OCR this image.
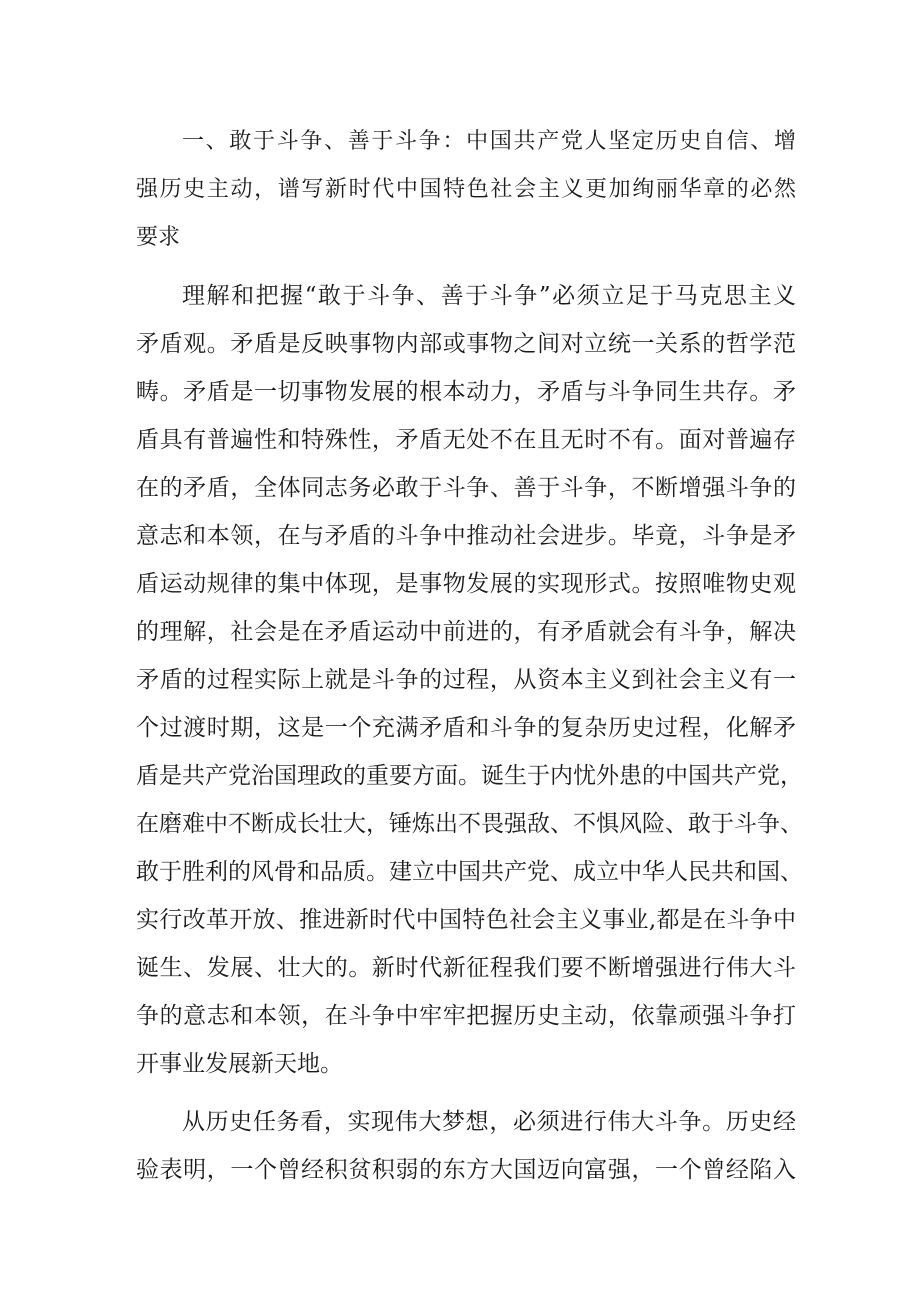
一、敢于斗争、善于斗争：中国共产党人坚定历史自信、增
强历史主动，谱写新时代中国特色社会主义更加绚丽华章的必然
要求
理解和把握“敢于斗争、善于斗争”必须立足于马克思主义
矛盾观。矛盾是反映事物内部或事物之间对立统一关系的哲学范
畴。矛盾是一切事物发展的根本动力，矛盾与斗争同生共存。矛
盾具有普遍性和特殊性，矛盾无处不在且无时不有。面对普遍存
在的矛盾，全体同志务必敢于斗争、善于斗争，不断增强斗争的
意志和本领，在与矛盾的斗争中推动社会进步。毕竟，斗争是矛
盾运动规律的集中体现，是事物发展的实现形式。按照唯物史观
的理解，社会是在矛盾运动中前进的，有矛盾就会有斗争，解决
矛盾的过程实际上就是斗争的过程，从资本主义到社会主义有一
个过渡时期，这是一个充满矛盾和斗争的复杂历史过程，化解矛
盾是共产党治国理政的重要方面。诞生于内忧外患的中国共产党，
在磨难中不断成长壮大，锤炼出不畏强敌、不惧风险、敢于斗争、
敢于胜利的风骨和品质。建立中国共产党、成立中华人民共和国、
实行改革开放、推进新时代中国特色社会主义事业,都是在斗争中
诞生、发展、壮大的。新时代新征程我们要不断增强进行伟大斗
争的意志和本领，在斗争中牢牢把握历史主动，依靠顽强斗争打
开事业发展新天地。
从历史任务看，实现伟大梦想，必须进行伟大斗争。历史经
验表明，一个曾经积贫积弱的东方大国迈向富强，一个曾经陷入
